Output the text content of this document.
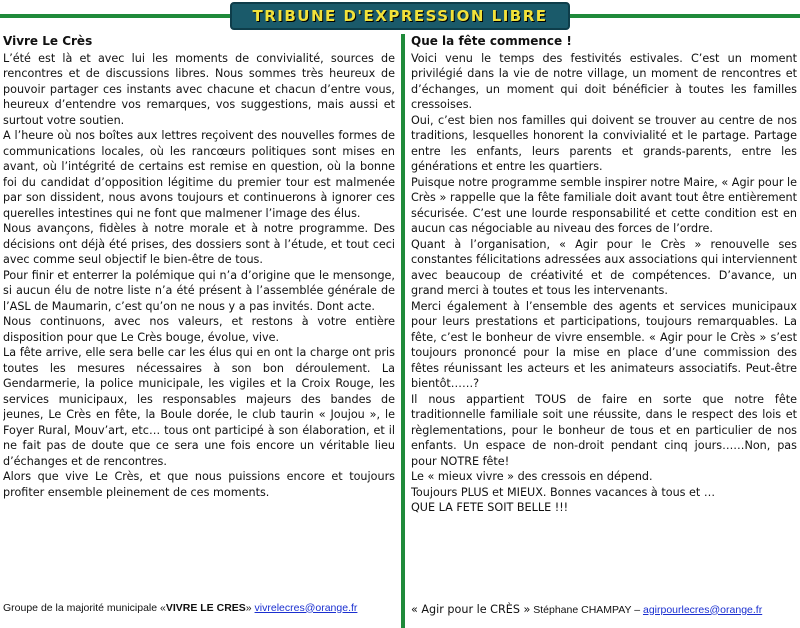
TRIBUNE D'EXPRESSION LIBRE
Vivre Le Crès

L’été est là et avec lui les moments de convivialité, sources de rencontres et de discussions libres. Nous sommes très heureux de pouvoir partager ces instants avec chacune et chacun d’entre vous, heureux d’entendre vos remarques, vos suggestions, mais aussi et surtout votre soutien.

A l’heure où nos boîtes aux lettres reçoivent des nouvelles formes de communications locales, où les rancœurs politiques sont mises en avant, où l’intégrité de certains est remise en question, où la bonne foi du candidat d’opposition légitime du premier tour est malmenée par son dissident, nous avons toujours et continuerons à ignorer ces querelles intestines qui ne font que malmener l’image des élus.

Nous avançons, fidèles à notre morale et à notre programme. Des décisions ont déjà été prises, des dossiers sont à l’étude, et tout ceci avec comme seul objectif le bien-être de tous.

Pour finir et enterrer la polémique qui n’a d’origine que le mensonge, si aucun élu de notre liste n’a été présent à l’assemblée générale de l’ASL de Maumarin, c’est qu’on ne nous y a pas invités. Dont acte.

Nous continuons, avec nos valeurs, et restons à votre entière disposition pour que Le Crès bouge, évolue, vive.

La fête arrive, elle sera belle car les élus qui en ont la charge ont pris toutes les mesures nécessaires à son bon déroulement. La Gendarmerie, la police municipale, les vigiles et la Croix Rouge, les services municipaux, les responsables majeurs des bandes de jeunes, Le Crès en fête, la Boule dorée, le club taurin « Joujou », le Foyer Rural, Mouv’art, etc… tous ont participé à son élaboration, et il ne fait pas de doute que ce sera une fois encore un véritable lieu d’échanges et de rencontres.

Alors que vive Le Crès, et que nous puissions encore et toujours profiter ensemble pleinement de ces moments.

Groupe de la majorité municipale «VIVRE LE CRES» vivrelecres@orange.fr
Que la fête commence !

Voici venu le temps des festivités estivales. C’est un moment privilégié dans la vie de notre village, un moment de rencontres et d’échanges, un moment qui doit bénéficier à toutes les familles cressoises.

Oui, c’est bien nos familles qui doivent se trouver au centre de nos traditions, lesquelles honorent la convivialité et le partage. Partage entre les enfants, leurs parents et grands-parents, entre les générations et entre les quartiers.

Puisque notre programme semble inspirer notre Maire, « Agir pour le Crès » rappelle que la fête familiale doit avant tout être entièrement sécurisée. C’est une lourde responsabilité et cette condition est en aucun cas négociable au niveau des forces de l’ordre.

Quant à l’organisation, « Agir pour le Crès » renouvelle ses constantes félicitations adressées aux associations qui interviennent avec beaucoup de créativité et de compétences. D’avance, un grand merci à toutes et tous les intervenants.

Merci également à l’ensemble des agents et services municipaux pour leurs prestations et participations, toujours remarquables. La fête, c’est le bonheur de vivre ensemble. « Agir pour le Crès » s’est toujours prononcé pour la mise en place d’une commission des fêtes réunissant les acteurs et les animateurs associatifs. Peut-être bientôt……?

Il nous appartient TOUS de faire en sorte que notre fête traditionnelle familiale soit une réussite, dans le respect des lois et règlementations, pour le bonheur de tous et en particulier de nos enfants. Un espace de non-droit pendant cinq jours……Non, pas pour NOTRE fête!

Le « mieux vivre » des cressois en dépend.

Toujours PLUS et MIEUX. Bonnes vacances à tous et …

QUE LA FETE SOIT BELLE !!!

« Agir pour le CRÈS » Stéphane CHAMPAY – agirpourlecres@orange.fr
